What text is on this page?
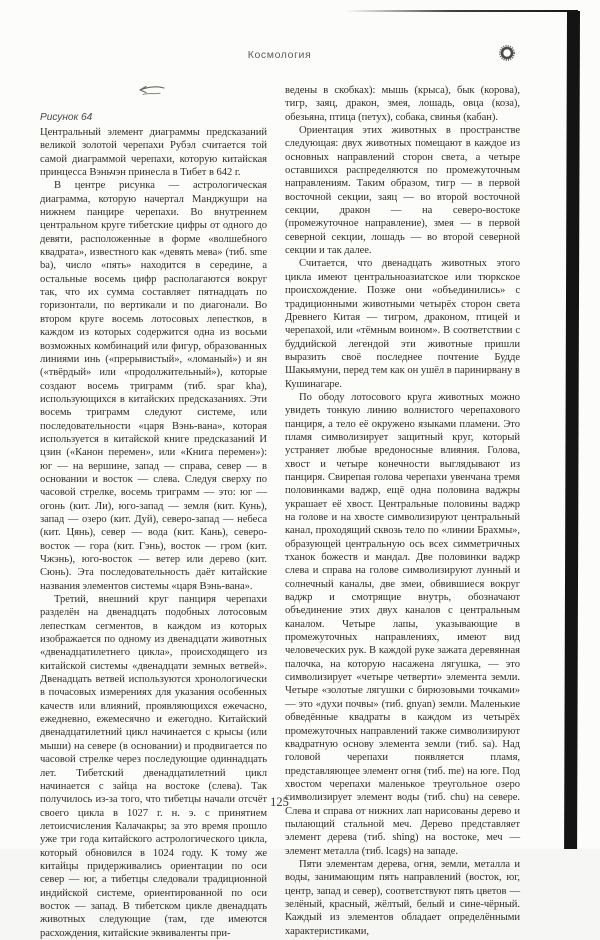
Космология
Рисунок 64

Центральный элемент диаграммы предсказаний великой золотой черепахи Рубэл считается той самой диаграммой черепахи, которую китайская принцесса Вэньчэн принесла в Тибет в 642 г.

В центре рисунка — астрологическая диаграмма, которую начертал Манджушри на нижнем панцире черепахи. Во внутреннем центральном круге тибетские цифры от одного до девяти, расположенные в форме «волшебного квадрата», известного как «девять мева» (тиб. sme ba), число «пять» находится в середине, а остальные восемь цифр располагаются вокруг так, что их сумма составляет пятнадцать по горизонтали, по вертикали и по диагонали. Во втором круге восемь лотосовых лепестков, в каждом из которых содержится одна из восьми возможных комбинаций или фигур, образованных линиями инь («прерывистый», «ломаный») и ян («твёрдый» или «продолжительный»), которые создают восемь триграмм (тиб. spar kha), использующихся в китайских предсказаниях. Эти восемь триграмм следуют системе, или последовательности «царя Вэнь-вана», которая используется в китайской книге предсказаний И цзин («Канон перемен», или «Книга перемен»): юг — на вершине, запад — справа, север — в основании и восток — слева. Следуя сверху по часовой стрелке, восемь триграмм — это: юг — огонь (кит. Ли), юго-запад — земля (кит. Кунь), запад — озеро (кит. Дуй), северо-запад — небеса (кит. Цянь), север — вода (кит. Кань), северо-восток — гора (кит. Гэнь), восток — гром (кит. Чжэнь), юго-восток — ветер или дерево (кит. Сюнь). Эта последовательность даёт китайские названия элементов системы «царя Вэнь-вана».

Третий, внешний круг панциря черепахи разделён на двенадцать подобных лотосовым лепесткам сегментов, в каждом из которых изображается по одному из двенадцати животных «двенадцатилетнего цикла», происходящего из китайской системы «двенадцати земных ветвей». Двенадцать ветвей используются хронологически в почасовых измерениях для указания особенных качеств или влияний, проявляющихся ежечасно, ежедневно, ежемесячно и ежегодно. Китайский двенадцатилетний цикл начинается с крысы (или мыши) на севере (в основании) и продвигается по часовой стрелке через последующие одиннадцать лет. Тибетский двенадцатилетний цикл начинается с зайца на востоке (слева). Так получилось из-за того, что тибетцы начали отсчёт своего цикла в 1027 г. н. э. с принятием летоисчисления Калачакры; за это время прошло уже три года китайского астрологического цикла, который обновился в 1024 году. К тому же китайцы придерживались ориентации по оси север — юг, а тибетцы следовали традиционной индийской системе, ориентированной по оси восток — запад. В тибетском цикле двенадцать животных следующие (там, где имеются расхождения, китайские эквиваленты при-

ведены в скобках): мышь (крыса), бык (корова), тигр, заяц, дракон, змея, лошадь, овца (коза), обезьяна, птица (петух), собака, свинья (кабан).

Ориентация этих животных в пространстве следующая: двух животных помещают в каждое из основных направлений сторон света, а четыре оставшихся распределяются по промежуточным направлениям. Таким образом, тигр — в первой восточной секции, заяц — во второй восточной секции, дракон — на северо-востоке (промежуточное направление), змея — в первой северной секции, лошадь — во второй северной секции и так далее.

Считается, что двенадцать животных этого цикла имеют центральноазиатское или тюркское происхождение. Позже они «объединились» с традиционными животными четырёх сторон света Древнего Китая — тигром, драконом, птицей и черепахой, или «тёмным воином». В соответствии с буддийской легендой эти животные пришли выразить своё последнее почтение Будде Шакьямуни, перед тем как он ушёл в паринирвану в Кушинагаре.

По ободу лотосового круга животных можно увидеть тонкую линию волнистого черепахового панциря, а тело её окружено языками пламени. Это пламя символизирует защитный круг, который устраняет любые вредоносные влияния. Голова, хвост и четыре конечности выглядывают из панциря. Свирепая голова черепахи увенчана тремя половинками ваджр, ещё одна половина ваджры украшает её хвост. Центральные половины ваджр на голове и на хвосте символизируют центральный канал, проходящий сквозь тело по «линии Брахмы», образующей центральную ось всех симметричных тханок божеств и мандал. Две половинки ваджр слева и справа на голове символизируют лунный и солнечный каналы, две змеи, обвившиеся вокруг ваджр и смотрящие внутрь, обозначают объединение этих двух каналов с центральным каналом. Четыре лапы, указывающие в промежуточных направлениях, имеют вид человеческих рук. В каждой руке зажата деревянная палочка, на которую насажена лягушка, — это символизирует «четыре четверти» элемента земли. Четыре «золотые лягушки с бирюзовыми точками» — это «духи почвы» (тиб. gnyan) земли. Маленькие обведённые квадраты в каждом из четырёх промежуточных направлений также символизируют квадратную основу элемента земли (тиб. sa). Над головой черепахи появляется пламя, представляющее элемент огня (тиб. me) на юге. Под хвостом черепахи маленькое треугольное озеро символизирует элемент воды (тиб. chu) на севере. Слева и справа от нижних лап нарисованы дерево и пылающий стальной меч. Дерево представляет элемент дерева (тиб. shing) на востоке, меч — элемент металла (тиб. lcags) на западе.

Пяти элементам дерева, огня, земли, металла и воды, занимающим пять направлений (восток, юг, центр, запад и север), соответствуют пять цветов — зелёный, красный, жёлтый, белый и сине-чёрный. Каждый из элементов обладает определёнными характеристиками,

125
